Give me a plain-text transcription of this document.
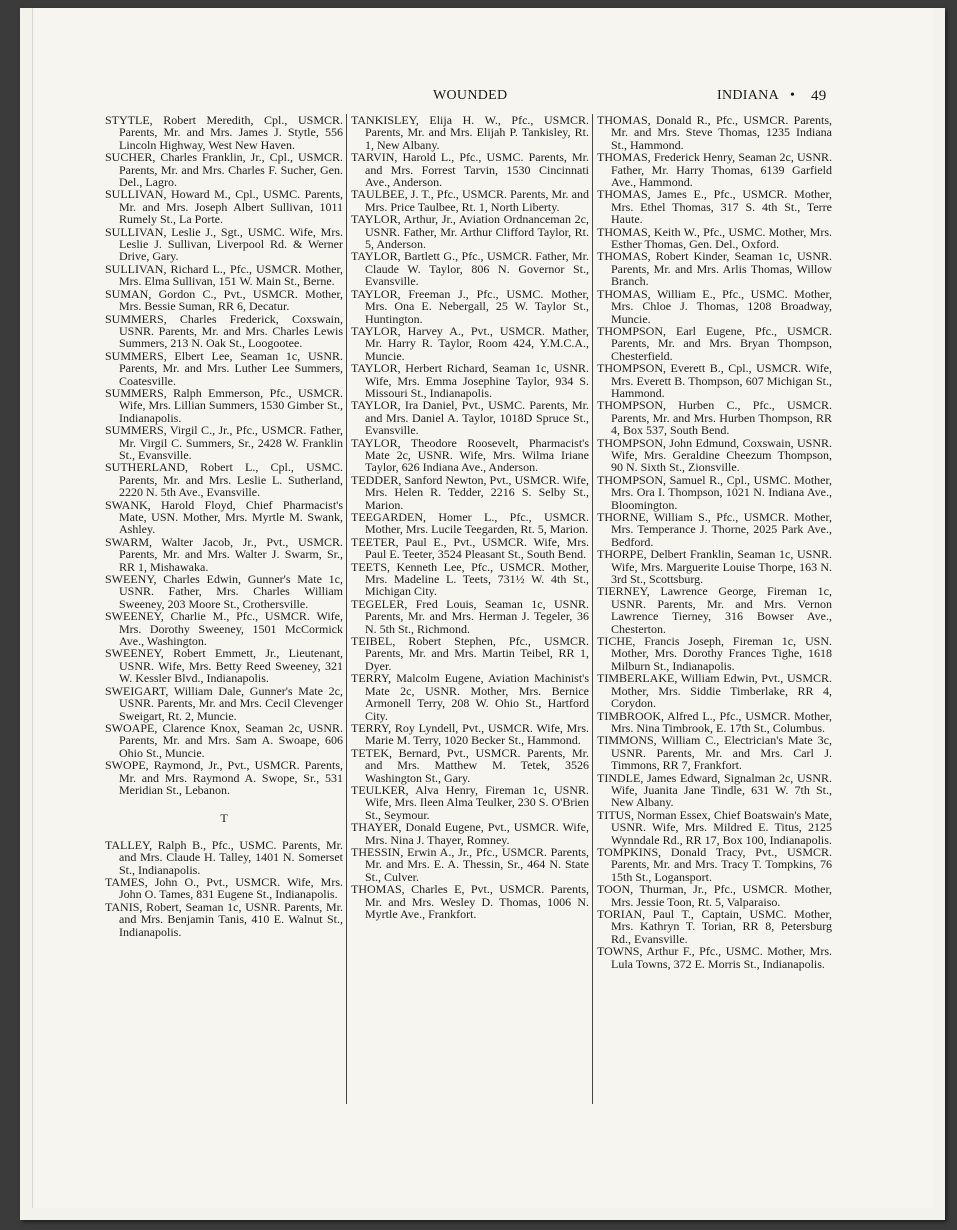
WOUNDED	INDIANA • 49

STYTLE, Robert Meredith, Cpl., USMCR. Parents, Mr. and Mrs. James J. Stytle, 556 Lincoln Highway, West New Haven.

SUCHER, Charles Franklin, Jr., Cpl., USMCR. Parents, Mr. and Mrs. Charles F. Sucher, Gen. Del., Lagro.

SULLIVAN, Howard M., Cpl., USMC. Parents, Mr. and Mrs. Joseph Albert Sullivan, 1011 Rumely St., La Porte.

SULLIVAN, Leslie J., Sgt., USMC. Wife, Mrs. Leslie J. Sullivan, Liverpool Rd. & Werner Drive, Gary.

SULLIVAN, Richard L., Pfc., USMCR. Mother, Mrs. Elma Sullivan, 151 W. Main St., Berne.

SUMAN, Gordon C., Pvt., USMCR. Mother, Mrs. Bessie Suman, RR 6, Decatur.

SUMMERS, Charles Frederick, Coxswain, USNR. Parents, Mr. and Mrs. Charles Lewis Summers, 213 N. Oak St., Loogootee.

SUMMERS, Elbert Lee, Seaman 1c, USNR. Parents, Mr. and Mrs. Luther Lee Summers, Coatesville.

SUMMERS, Ralph Emmerson, Pfc., USMCR. Wife, Mrs. Lillian Summers, 1530 Gimber St., Indianapolis.

SUMMERS, Virgil C., Jr., Pfc., USMCR. Father, Mr. Virgil C. Summers, Sr., 2428 W. Franklin St., Evansville.

SUTHERLAND, Robert L., Cpl., USMC. Parents, Mr. and Mrs. Leslie L. Sutherland, 2220 N. 5th Ave., Evansville.

SWANK, Harold Floyd, Chief Pharmacist's Mate, USN. Mother, Mrs. Myrtle M. Swank, Ashley.

SWARM, Walter Jacob, Jr., Pvt., USMCR. Parents, Mr. and Mrs. Walter J. Swarm, Sr., RR 1, Mishawaka.

SWEENY, Charles Edwin, Gunner's Mate 1c, USNR. Father, Mrs. Charles William Sweeney, 203 Moore St., Crothersville.

SWEENEY, Charlie M., Pfc., USMCR. Wife, Mrs. Dorothy Sweeney, 1501 McCormick Ave., Washington.

SWEENEY, Robert Emmett, Jr., Lieutenant, USNR. Wife, Mrs. Betty Reed Sweeney, 321 W. Kessler Blvd., Indianapolis.

SWEIGART, William Dale, Gunner's Mate 2c, USNR. Parents, Mr. and Mrs. Cecil Clevenger Sweigart, Rt. 2, Muncie.

SWOAPE, Clarence Knox, Seaman 2c, USNR. Parents, Mr. and Mrs. Sam A. Swoape, 606 Ohio St., Muncie.

SWOPE, Raymond, Jr., Pvt., USMCR. Parents, Mr. and Mrs. Raymond A. Swope, Sr., 531 Meridian St., Lebanon.

T

TALLEY, Ralph B., Pfc., USMC. Parents, Mr. and Mrs. Claude H. Talley, 1401 N. Somerset St., Indianapolis.

TAMES, John O., Pvt., USMCR. Wife, Mrs. John O. Tames, 831 Eugene St., Indianapolis.

TANIS, Robert, Seaman 1c, USNR. Parents, Mr. and Mrs. Benjamin Tanis, 410 E. Walnut St., Indianapolis.

TANKISLEY, Elija H. W., Pfc., USMCR. Parents, Mr. and Mrs. Elijah P. Tankisley, Rt. 1, New Albany.

TARVIN, Harold L., Pfc., USMC. Parents, Mr. and Mrs. Forrest Tarvin, 1530 Cincinnati Ave., Anderson.

TAULBEE, J. T., Pfc., USMCR. Parents, Mr. and Mrs. Price Taulbee, Rt. 1, North Liberty.

TAYLOR, Arthur, Jr., Aviation Ordnanceman 2c, USNR. Father, Mr. Arthur Clifford Taylor, Rt. 5, Anderson.

TAYLOR, Bartlett G., Pfc., USMCR. Father, Mr. Claude W. Taylor, 806 N. Governor St., Evansville.

TAYLOR, Freeman J., Pfc., USMC. Mother, Mrs. Ona E. Nebergall, 25 W. Taylor St., Huntington.

TAYLOR, Harvey A., Pvt., USMCR. Mather, Mr. Harry R. Taylor, Room 424, Y.M.C.A., Muncie.

TAYLOR, Herbert Richard, Seaman 1c, USNR. Wife, Mrs. Emma Josephine Taylor, 934 S. Missouri St., Indianapolis.

TAYLOR, Ira Daniel, Pvt., USMC. Parents, Mr. and Mrs. Daniel A. Taylor, 1018D Spruce St., Evansville.

TAYLOR, Theodore Roosevelt, Pharmacist's Mate 2c, USNR. Wife, Mrs. Wilma Iriane Taylor, 626 Indiana Ave., Anderson.

TEDDER, Sanford Newton, Pvt., USMCR. Wife, Mrs. Helen R. Tedder, 2216 S. Selby St., Marion.

TEEGARDEN, Homer L., Pfc., USMCR. Mother, Mrs. Lucile Teegarden, Rt. 5, Marion.

TEETER, Paul E., Pvt., USMCR. Wife, Mrs. Paul E. Teeter, 3524 Pleasant St., South Bend.

TEETS, Kenneth Lee, Pfc., USMCR. Mother, Mrs. Madeline L. Teets, 731½ W. 4th St., Michigan City.

TEGELER, Fred Louis, Seaman 1c, USNR. Parents, Mr. and Mrs. Herman J. Tegeler, 36 N. 5th St., Richmond.

TEIBEL, Robert Stephen, Pfc., USMCR. Parents, Mr. and Mrs. Martin Teibel, RR 1, Dyer.

TERRY, Malcolm Eugene, Aviation Machinist's Mate 2c, USNR. Mother, Mrs. Bernice Armonell Terry, 208 W. Ohio St., Hartford City.

TERRY, Roy Lyndell, Pvt., USMCR. Wife, Mrs. Marie M. Terry, 1020 Becker St., Hammond.

TETEK, Bernard, Pvt., USMCR. Parents, Mr. and Mrs. Matthew M. Tetek, 3526 Washington St., Gary.

TEULKER, Alva Henry, Fireman 1c, USNR. Wife, Mrs. Ileen Alma Teulker, 230 S. O'Brien St., Seymour.

THAYER, Donald Eugene, Pvt., USMCR. Wife, Mrs. Nina J. Thayer, Romney.

THESSIN, Erwin A., Jr., Pfc., USMCR. Parents, Mr. and Mrs. E. A. Thessin, Sr., 464 N. State St., Culver.

THOMAS, Charles E, Pvt., USMCR. Parents, Mr. and Mrs. Wesley D. Thomas, 1006 N. Myrtle Ave., Frankfort.

THOMAS, Donald R., Pfc., USMCR. Parents, Mr. and Mrs. Steve Thomas, 1235 Indiana St., Hammond.

THOMAS, Frederick Henry, Seaman 2c, USNR. Father, Mr. Harry Thomas, 6139 Garfield Ave., Hammond.

THOMAS, James E., Pfc., USMCR. Mother, Mrs. Ethel Thomas, 317 S. 4th St., Terre Haute.

THOMAS, Keith W., Pfc., USMC. Mother, Mrs. Esther Thomas, Gen. Del., Oxford.

THOMAS, Robert Kinder, Seaman 1c, USNR. Parents, Mr. and Mrs. Arlis Thomas, Willow Branch.

THOMAS, William E., Pfc., USMC. Mother, Mrs. Chloe J. Thomas, 1208 Broadway, Muncie.

THOMPSON, Earl Eugene, Pfc., USMCR. Parents, Mr. and Mrs. Bryan Thompson, Chesterfield.

THOMPSON, Everett B., Cpl., USMCR. Wife, Mrs. Everett B. Thompson, 607 Michigan St., Hammond.

THOMPSON, Hurben C., Pfc., USMCR. Parents, Mr. and Mrs. Hurben Thompson, RR 4, Box 537, South Bend.

THOMPSON, John Edmund, Coxswain, USNR. Wife, Mrs. Geraldine Cheezum Thompson, 90 N. Sixth St., Zionsville.

THOMPSON, Samuel R., Cpl., USMC. Mother, Mrs. Ora I. Thompson, 1021 N. Indiana Ave., Bloomington.

THORNE, William S., Pfc., USMCR. Mother, Mrs. Temperance J. Thorne, 2025 Park Ave., Bedford.

THORPE, Delbert Franklin, Seaman 1c, USNR. Wife, Mrs. Marguerite Louise Thorpe, 163 N. 3rd St., Scottsburg.

TIERNEY, Lawrence George, Fireman 1c, USNR. Parents, Mr. and Mrs. Vernon Lawrence Tierney, 316 Bowser Ave., Chesterton.

TICHE, Francis Joseph, Fireman 1c, USN. Mother, Mrs. Dorothy Frances Tighe, 1618 Milburn St., Indianapolis.

TIMBERLAKE, William Edwin, Pvt., USMCR. Mother, Mrs. Siddie Timberlake, RR 4, Corydon.

TIMBROOK, Alfred L., Pfc., USMCR. Mother, Mrs. Nina Timbrook, E. 17th St., Columbus.

TIMMONS, William C., Electrician's Mate 3c, USNR. Parents, Mr. and Mrs. Carl J. Timmons, RR 7, Frankfort.

TINDLE, James Edward, Signalman 2c, USNR. Wife, Juanita Jane Tindle, 631 W. 7th St., New Albany.

TITUS, Norman Essex, Chief Boatswain's Mate, USNR. Wife, Mrs. Mildred E. Titus, 2125 Wynndale Rd., RR 17, Box 100, Indianapolis.

TOMPKINS, Donald Tracy, Pvt., USMCR. Parents, Mr. and Mrs. Tracy T. Tompkins, 76 15th St., Logansport.

TOON, Thurman, Jr., Pfc., USMCR. Mother, Mrs. Jessie Toon, Rt. 5, Valparaiso.

TORIAN, Paul T., Captain, USMC. Mother, Mrs. Kathryn T. Torian, RR 8, Petersburg Rd., Evansville.

TOWNS, Arthur F., Pfc., USMC. Mother, Mrs. Lula Towns, 372 E. Morris St., Indianapolis.
